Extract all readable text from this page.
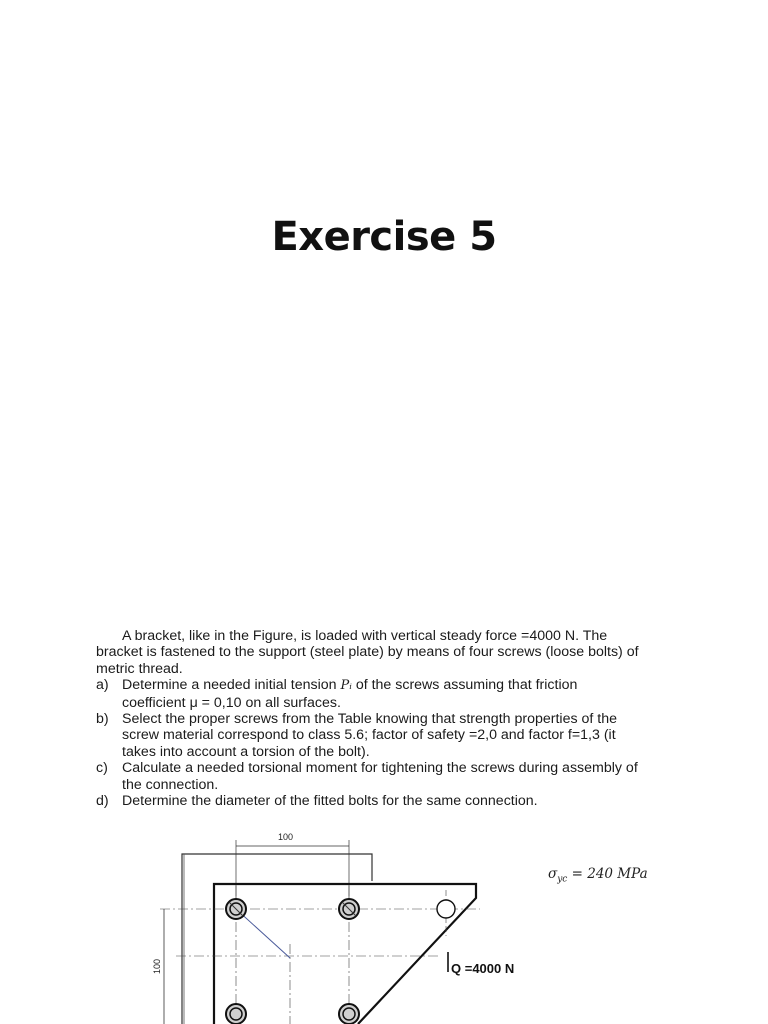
Exercise 5

A bracket, like in the Figure, is loaded with vertical steady force =4000 N. The bracket is fastened to the support (steel plate) by means of four screws (loose bolts) of metric thread.

a) Determine a needed initial tension Pᵢ of the screws assuming that friction coefficient μ = 0,10 on all surfaces.

b) Select the proper screws from the Table knowing that strength properties of the screw material correspond to class 5.6; factor of safety =2,0 and factor f=1,3 (it takes into account a torsion of the bolt).

c) Calculate a needed torsional moment for tightening the screws during assembly of the connection.

d) Determine the diameter of the fitted bolts for the same connection.

$\sigma_{yc} = 240$ MPa
100
100	Q =4000 N
